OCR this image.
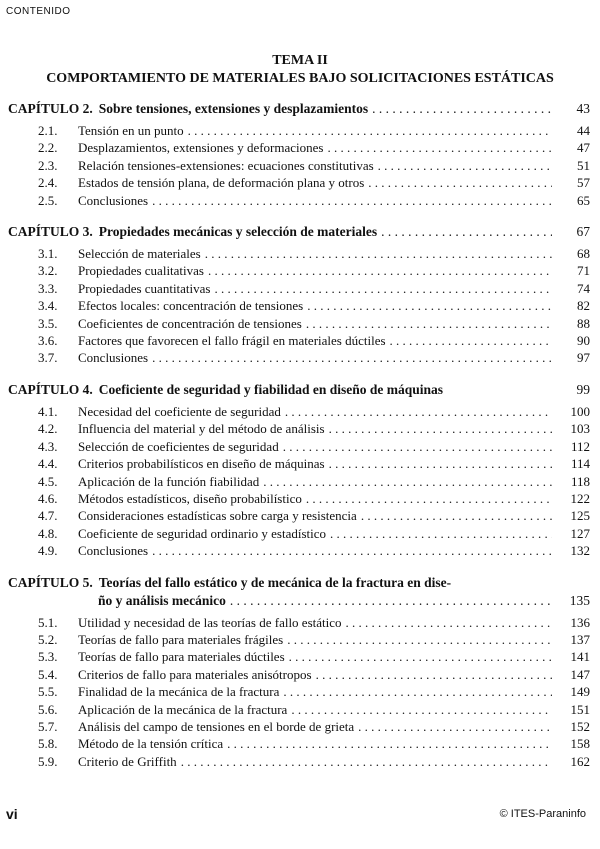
CONTENIDO
TEMA II
COMPORTAMIENTO DE MATERIALES BAJO SOLICITACIONES ESTÁTICAS
CAPÍTULO 2. Sobre tensiones, extensiones y desplazamientos . . .	43
2.1.	Tensión en un punto . . .	44
2.2.	Desplazamientos, extensiones y deformaciones . . .	47
2.3.	Relación tensiones-extensiones: ecuaciones constitutivas . . .	51
2.4.	Estados de tensión plana, de deformación plana y otros . . .	57
2.5.	Conclusiones . . .	65
CAPÍTULO 3. Propiedades mecánicas y selección de materiales . . .	67
3.1.	Selección de materiales . . .	68
3.2.	Propiedades cualitativas . . .	71
3.3.	Propiedades cuantitativas . . .	74
3.4.	Efectos locales: concentración de tensiones . . .	82
3.5.	Coeficientes de concentración de tensiones . . .	88
3.6.	Factores que favorecen el fallo frágil en materiales dúctiles . . .	90
3.7.	Conclusiones . . .	97
CAPÍTULO 4. Coeficiente de seguridad y fiabilidad en diseño de máquinas	99
4.1.	Necesidad del coeficiente de seguridad . . .	100
4.2.	Influencia del material y del método de análisis . . .	103
4.3.	Selección de coeficientes de seguridad . . .	112
4.4.	Criterios probabilísticos en diseño de máquinas . . .	114
4.5.	Aplicación de la función fiabilidad . . .	118
4.6.	Métodos estadísticos, diseño probabilístico . . .	122
4.7.	Consideraciones estadísticas sobre carga y resistencia . . .	125
4.8.	Coeficiente de seguridad ordinario y estadístico . . .	127
4.9.	Conclusiones . . .	132
CAPÍTULO 5. Teorías del fallo estático y de mecánica de la fractura en dise-
ño y análisis mecánico . . .	135
5.1.	Utilidad y necesidad de las teorías de fallo estático . . .	136
5.2.	Teorías de fallo para materiales frágiles . . .	137
5.3.	Teorías de fallo para materiales dúctiles . . .	141
5.4.	Criterios de fallo para materiales anisótropos . . .	147
5.5.	Finalidad de la mecánica de la fractura . . .	149
5.6.	Aplicación de la mecánica de la fractura . . .	151
5.7.	Análisis del campo de tensiones en el borde de grieta . . .	152
5.8.	Método de la tensión crítica . . .	158
5.9.	Criterio de Griffith . . .	162
vi	© ITES-Paraninfo
